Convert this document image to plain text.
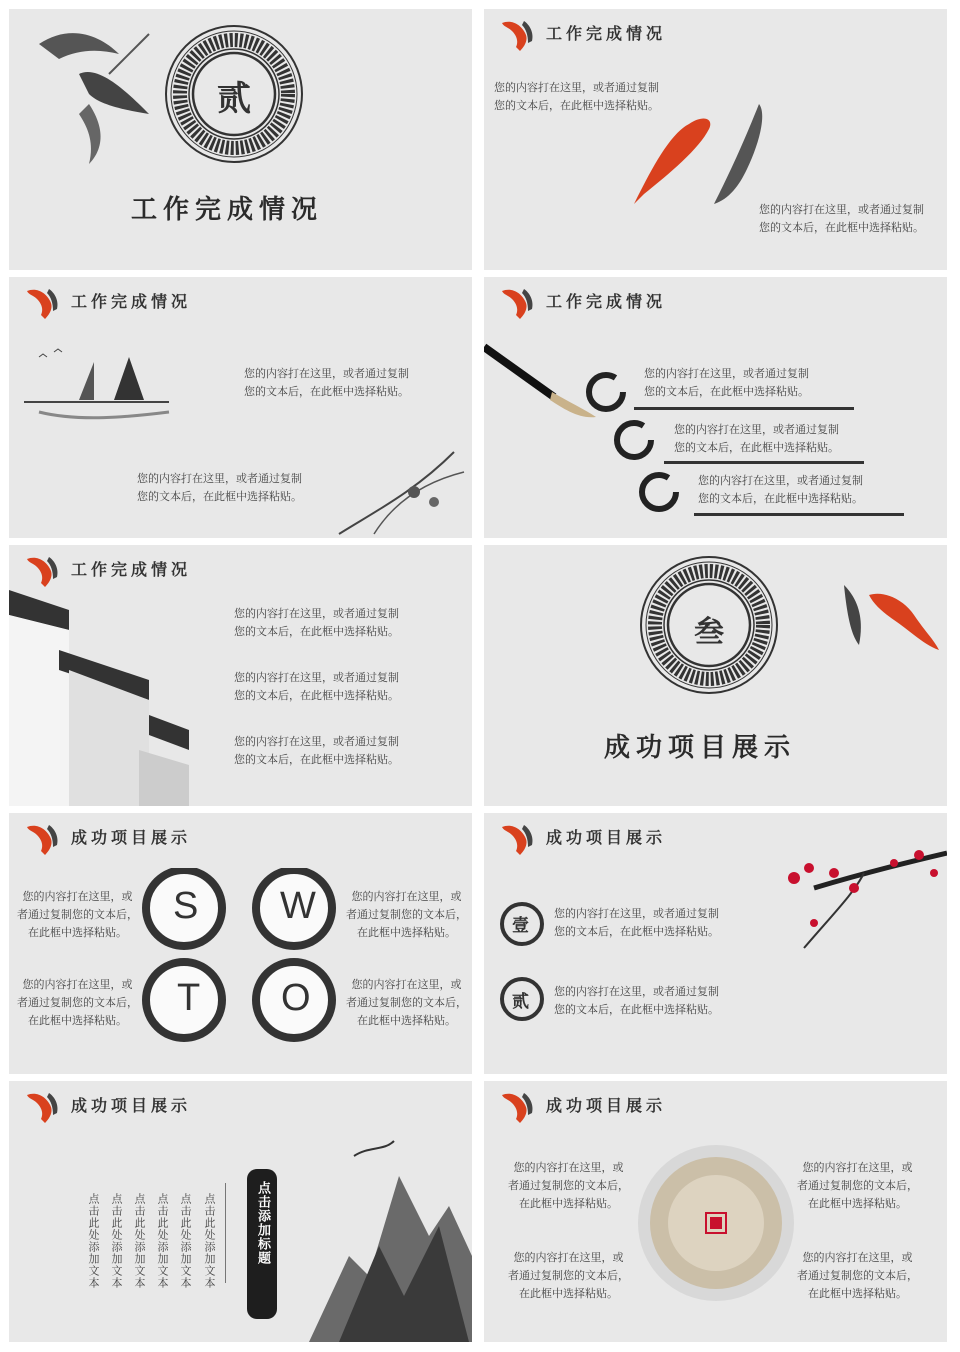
贰
工作完成情况
工作完成情况
您的内容打在这里，或者通过复制
您的文本后，在此框中选择粘贴。
您的内容打在这里，或者通过复制
您的文本后，在此框中选择粘贴。
工作完成情况
您的内容打在这里，或者通过复制
您的文本后，在此框中选择粘贴。
您的内容打在这里，或者通过复制
您的文本后，在此框中选择粘贴。
工作完成情况
您的内容打在这里，或者通过复制
您的文本后，在此框中选择粘贴。
您的内容打在这里，或者通过复制
您的文本后，在此框中选择粘贴。
您的内容打在这里，或者通过复制
您的文本后，在此框中选择粘贴。
工作完成情况
您的内容打在这里，或者通过复制
您的文本后，在此框中选择粘贴。
您的内容打在这里，或者通过复制
您的文本后，在此框中选择粘贴。
您的内容打在这里，或者通过复制
您的文本后，在此框中选择粘贴。
叁
成功项目展示
成功项目展示
S W
T O
您的内容打在这里，或
者通过复制您的文本后，
在此框中选择粘贴。
您的内容打在这里，或
者通过复制您的文本后，
在此框中选择粘贴。
您的内容打在这里，或
者通过复制您的文本后，
在此框中选择粘贴。
您的内容打在这里，或
者通过复制您的文本后，
在此框中选择粘贴。
成功项目展示
壹
贰
您的内容打在这里，或者通过复制
您的文本后，在此框中选择粘贴。
您的内容打在这里，或者通过复制
您的文本后，在此框中选择粘贴。
成功项目展示
点击此处添加文本 点击此处添加文本 点击此处添加文本 点击此处添加文本 点击此处添加文本 点击此处添加文本	点击添加标题
成功项目展示
您的内容打在这里，或
者通过复制您的文本后，
在此框中选择粘贴。
您的内容打在这里，或
者通过复制您的文本后，
在此框中选择粘贴。
您的内容打在这里，或
者通过复制您的文本后，
在此框中选择粘贴。
您的内容打在这里，或
者通过复制您的文本后，
在此框中选择粘贴。
